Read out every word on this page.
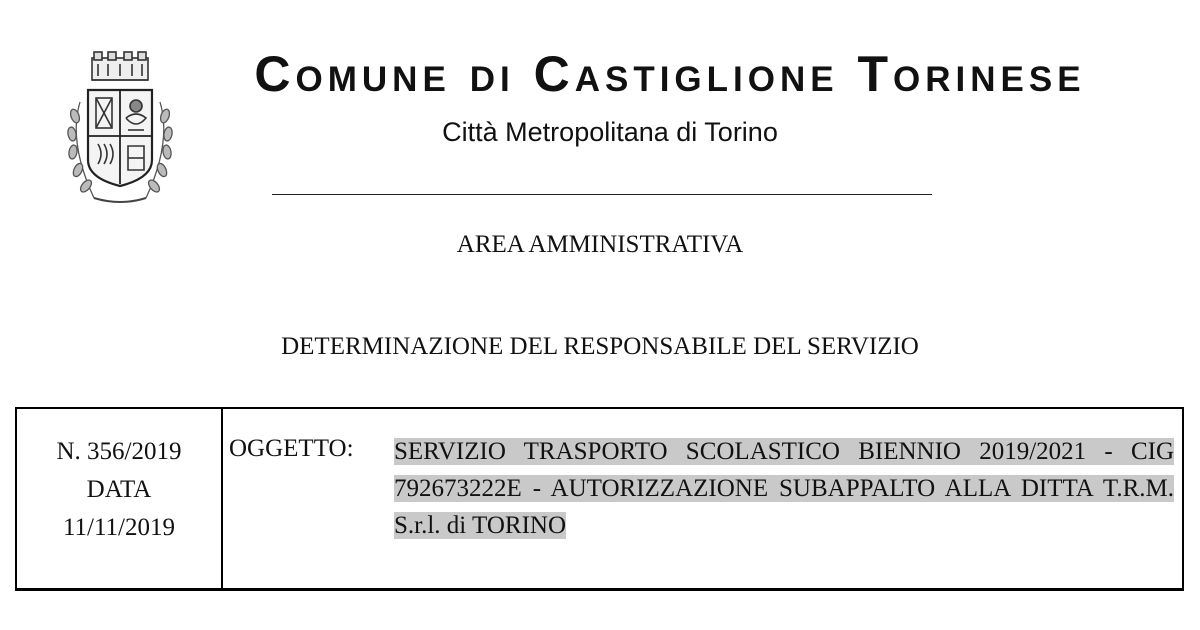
Comune di Castiglione Torinese
Città Metropolitana di Torino
AREA AMMINISTRATIVA
DETERMINAZIONE DEL RESPONSABILE DEL SERVIZIO
N. 356/2019
DATA
11/11/2019
OGGETTO: SERVIZIO TRASPORTO SCOLASTICO BIENNIO 2019/2021 - CIG 792673222E - AUTORIZZAZIONE SUBAPPALTO ALLA DITTA T.R.M. S.r.l. di TORINO
